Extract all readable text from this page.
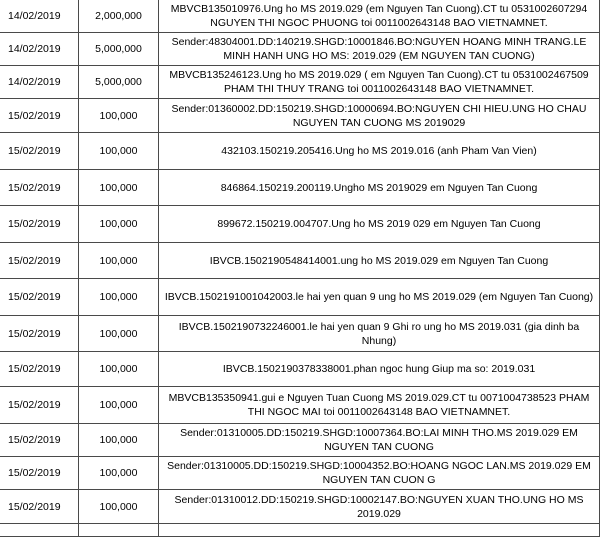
14/02/2019	2,000,000	MBVCB135010976.Ung ho MS 2019.029 (em Nguyen Tan Cuong).CT tu 0531002607294 NGUYEN THI NGOC PHUONG toi 0011002643148 BAO VIETNAMNET.
14/02/2019	5,000,000	Sender:48304001.DD:140219.SHGD:10001846.BO:NGUYEN HOANG MINH TRANG.LE MINH HANH UNG HO MS: 2019.029 (EM NGUYEN TAN CUONG)
14/02/2019	5,000,000	MBVCB135246123.Ung ho MS 2019.029 ( em Nguyen Tan Cuong).CT tu 0531002467509 PHAM THI THUY TRANG toi 0011002643148 BAO VIETNAMNET.
15/02/2019	100,000	Sender:01360002.DD:150219.SHGD:10000694.BO:NGUYEN CHI HIEU.UNG HO CHAU NGUYEN TAN CUONG MS 2019029
15/02/2019	100,000	432103.150219.205416.Ung ho MS 2019.016 (anh Pham Van Vien)
15/02/2019	100,000	846864.150219.200119.Ungho MS 2019029 em Nguyen Tan Cuong
15/02/2019	100,000	899672.150219.004707.Ung ho MS 2019 029 em Nguyen Tan Cuong
15/02/2019	100,000	IBVCB.1502190548414001.ung ho MS 2019.029 em Nguyen Tan Cuong
15/02/2019	100,000	IBVCB.1502191001042003.le hai yen quan 9 ung ho MS 2019.029 (em Nguyen Tan Cuong)
15/02/2019	100,000	IBVCB.1502190732246001.le hai yen quan 9 Ghi ro ung ho MS 2019.031 (gia dinh ba Nhung)
15/02/2019	100,000	IBVCB.1502190378338001.phan ngoc hung Giup ma so: 2019.031
15/02/2019	100,000	MBVCB135350941.gui e Nguyen Tuan Cuong MS 2019.029.CT tu 0071004738523 PHAM THI NGOC MAI toi 0011002643148 BAO VIETNAMNET.
15/02/2019	100,000	Sender:01310005.DD:150219.SHGD:10007364.BO:LAI MINH THO.MS 2019.029 EM NGUYEN TAN CUONG
15/02/2019	100,000	Sender:01310005.DD:150219.SHGD:10004352.BO:HOANG NGOC LAN.MS 2019.029 EM NGUYEN TAN CUON G
15/02/2019	100,000	Sender:01310012.DD:150219.SHGD:10002147.BO:NGUYEN XUAN THO.UNG HO MS 2019.029
